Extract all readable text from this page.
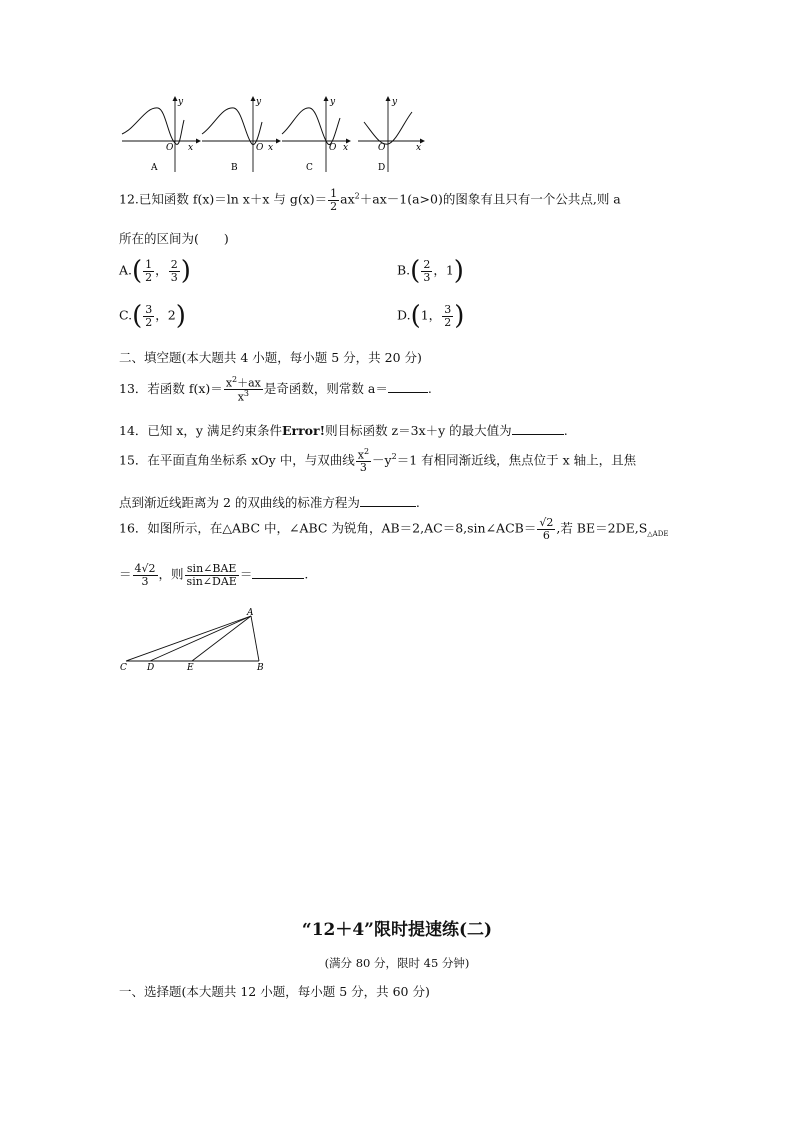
y
O x
A
y
O x
B
y
O x
C
y
O	x
D
12.已知函数 f(x)＝ln x＋x 与 $g(x)= \frac{1}{2} ax^2+ax-1(a>0)$的图象有且只有一个公共点,则 a
所在的区间为(　　)
$A.( \frac{1}{2}$ ， $\frac{2}{3}$ )	$B.( \frac{2}{3}$ ，1)
$C.( \frac{3}{2}$ ，2)	D.(1， $\frac{3}{2}$ )
二、填空题(本大题共 4 小题，每小题 5 分，共 20 分)
13．若函数 $f(x)= \frac{x^2+ax}{x^3}$ 是奇函数，则常数 a＝	.
14．已知 x，y 满足约束条件Error!则目标函数 z＝3x＋y 的最大值为	.
15．在平面直角坐标系 xOy 中，与双曲线 $\frac{x^2}{3} -y^2=1$ 有相同渐近线，焦点位于 x 轴上，且焦
点到渐近线距离为 2 的双曲线的标准方程为	.
16．如图所示，在△ABC 中，∠ABC 为锐角，AB＝2,AC＝8,sin∠ACB＝ $\frac{√2}{6}$ ,若 $BE=2DE,S_{\triangle ADE}$
＝ $\frac{4√2}{3}$ ，则 $\frac{\text{sin∠BAE}}{\text{sin∠DAE}}$ ＝	.
A
C D	E	B
“12＋4”限时提速练(二)
(满分 80 分，限时 45 分钟)
一、选择题(本大题共 12 小题，每小题 5 分，共 60 分)
